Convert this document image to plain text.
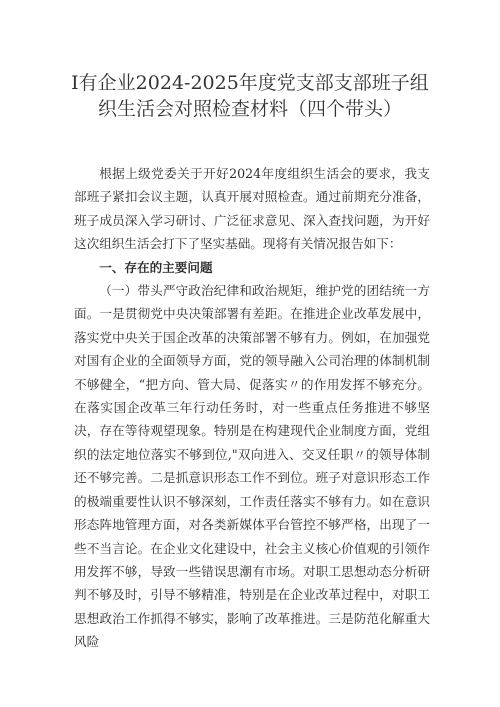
I有企业2024-2025年度党支部支部班子组
织生活会对照检查材料（四个带头）

根据上级党委关于开好2024年度组织生活会的要求，我支部班子紧扣会议主题，认真开展对照检查。通过前期充分准备，班子成员深入学习研讨、广泛征求意见、深入查找问题，为开好这次组织生活会打下了坚实基础。现将有关情况报告如下：

一、存在的主要问题

（一）带头严守政治纪律和政治规矩，维护党的团结统一方面。一是贯彻党中央决策部署有差距。在推进企业改革发展中，落实党中央关于国企改革的决策部署不够有力。例如，在加强党对国有企业的全面领导方面，党的领导融入公司治理的体制机制不够健全，“把方向、管大局、促落实〃的作用发挥不够充分。在落实国企改革三年行动任务时，对一些重点任务推进不够坚决，存在等待观望现象。特别是在构建现代企业制度方面，党组织的法定地位落实不够到位,"双向进入、交叉任职〃的领导体制还不够完善。二是抓意识形态工作不到位。班子对意识形态工作的极端重要性认识不够深刻，工作责任落实不够有力。如在意识形态阵地管理方面，对各类新媒体平台管控不够严格，出现了一些不当言论。在企业文化建设中，社会主义核心价值观的引领作用发挥不够，导致一些错误思潮有市场。对职工思想动态分析研判不够及时，引导不够精准，特别是在企业改革过程中，对职工思想政治工作抓得不够实，影响了改革推进。三是防范化解重大风险
